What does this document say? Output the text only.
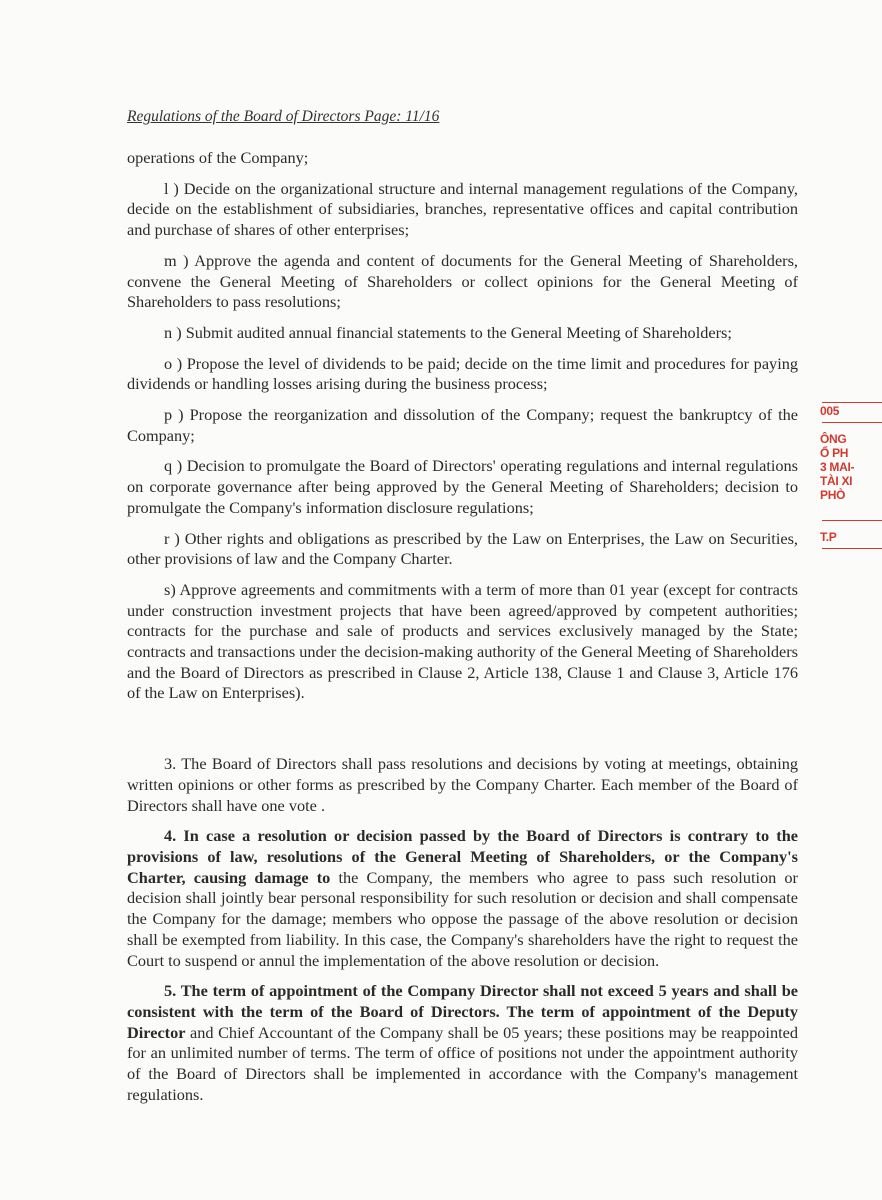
Regulations of the Board of Directors Page: 11/16

operations of the Company;

l ) Decide on the organizational structure and internal management regulations of the Company, decide on the establishment of subsidiaries, branches, representative offices and capital contribution and purchase of shares of other enterprises;

m ) Approve the agenda and content of documents for the General Meeting of Shareholders, convene the General Meeting of Shareholders or collect opinions for the General Meeting of Shareholders to pass resolutions;

n ) Submit audited annual financial statements to the General Meeting of Shareholders;

o ) Propose the level of dividends to be paid; decide on the time limit and procedures for paying dividends or handling losses arising during the business process;

p ) Propose the reorganization and dissolution of the Company; request the bankruptcy of the Company;

q ) Decision to promulgate the Board of Directors' operating regulations and internal regulations on corporate governance after being approved by the General Meeting of Shareholders; decision to promulgate the Company's information disclosure regulations;

r ) Other rights and obligations as prescribed by the Law on Enterprises, the Law on Securities, other provisions of law and the Company Charter.

s) Approve agreements and commitments with a term of more than 01 year (except for contracts under construction investment projects that have been agreed/approved by competent authorities; contracts for the purchase and sale of products and services exclusively managed by the State; contracts and transactions under the decision-making authority of the General Meeting of Shareholders and the Board of Directors as prescribed in Clause 2, Article 138, Clause 1 and Clause 3, Article 176 of the Law on Enterprises).

3. The Board of Directors shall pass resolutions and decisions by voting at meetings, obtaining written opinions or other forms as prescribed by the Company Charter. Each member of the Board of Directors shall have one vote .

4. In case a resolution or decision passed by the Board of Directors is contrary to the provisions of law, resolutions of the General Meeting of Shareholders, or the Company's Charter, causing damage to the Company, the members who agree to pass such resolution or decision shall jointly bear personal responsibility for such resolution or decision and shall compensate the Company for the damage; members who oppose the passage of the above resolution or decision shall be exempted from liability. In this case, the Company's shareholders have the right to request the Court to suspend or annul the implementation of the above resolution or decision.

5. The term of appointment of the Company Director shall not exceed 5 years and shall be consistent with the term of the Board of Directors. The term of appointment of the Deputy Director and Chief Accountant of the Company shall be 05 years; these positions may be reappointed for an unlimited number of terms. The term of office of positions not under the appointment authority of the Board of Directors shall be implemented in accordance with the Company's management regulations.

005
ÔNG
Ổ PH
3 MAI-
TÀI XI
PHÒ
T.P
